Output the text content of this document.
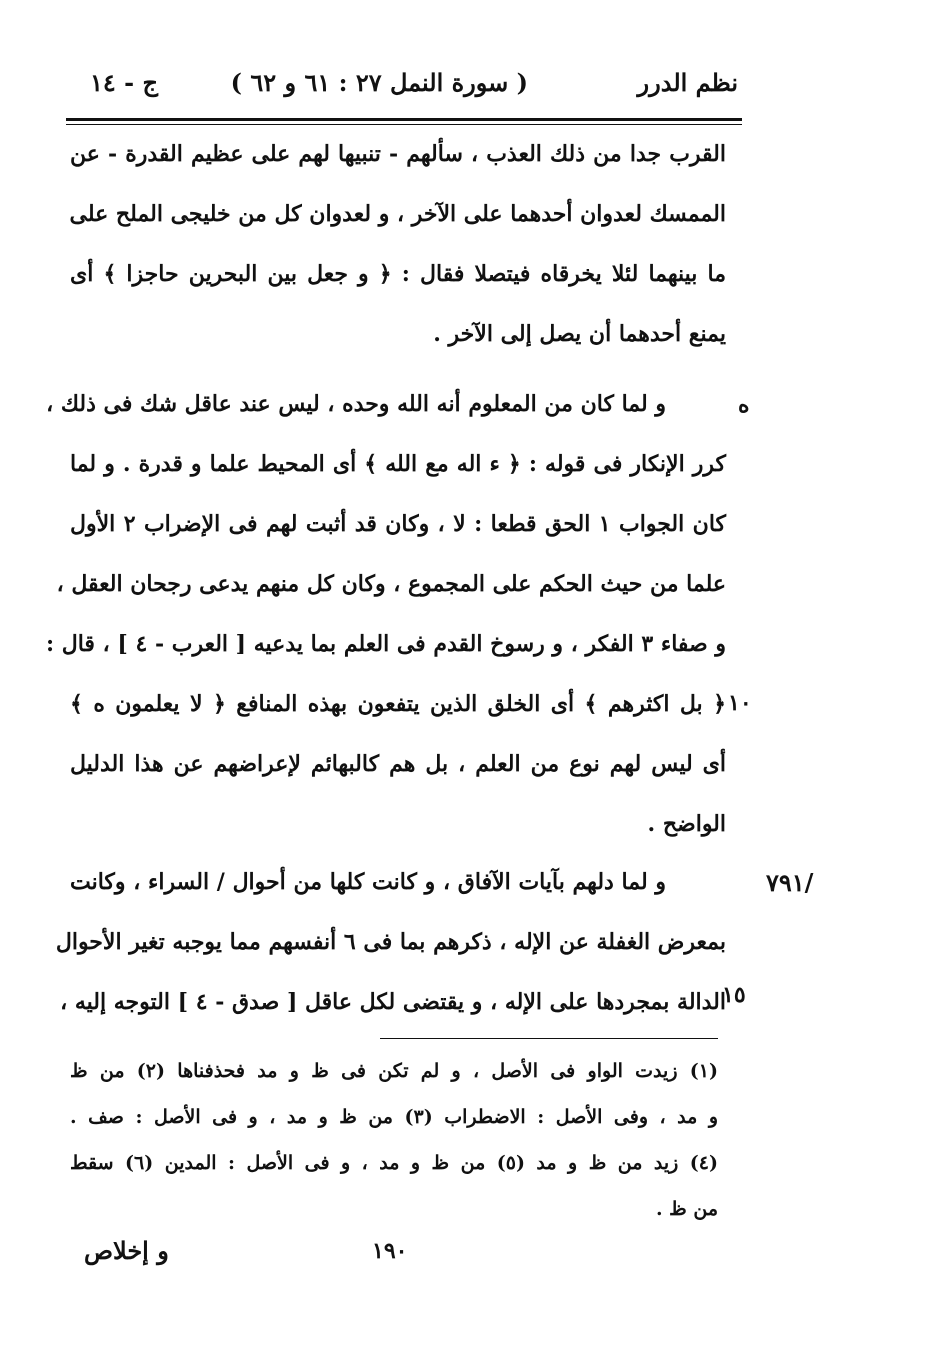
نظم الدرر
( سورة النمل ٢٧ : ٦١ و ٦٢ )
ج - ١٤
القرب جدا من ذلك العذب ، سألهم - تنبيها لهم على عظيم القدرة - عن
الممسك لعدوان أحدهما على الآخر ، و لعدوان كل من خليجى الملح على
ما بينهما لئلا يخرقاه فيتصلا فقال : ﴿ و جعل بين البحرين حاجزا ﴾ أى
يمنع أحدهما أن يصل إلى الآخر .
و لما كان من المعلوم أنه الله وحده ، ليس عند عاقل شك فى ذلك ،
كرر الإنكار فى قوله : ﴿ ء اله مع الله ﴾ أى المحيط علما و قدرة . و لما
كان الجواب ١ الحق قطعا : لا ، وكان قد أثبت لهم فى الإضراب ٢ الأول
علما من حيث الحكم على المجموع ، وكان كل منهم يدعى رجحان العقل ،
و صفاء ٣ الفكر ، و رسوخ القدم فى العلم بما يدعيه [ العرب - ٤ ] ، قال :
﴿ بل اكثرهم ﴾ أى الخلق الذين يتفعون بهذه المنافع ﴿ لا يعلمون ه ﴾
أى ليس لهم نوع من العلم ، بل هم كالبهائم لإعراضهم عن هذا الدليل
الواضح .
و لما دلهم بآيات الآفاق ، و كانت كلها من أحوال / السراء ، وكانت
بمعرض الغفلة عن الإله ، ذكرهم بما فى ٦ أنفسهم مما يوجبه تغير الأحوال
الدالة بمجردها على الإله ، و يقتضى لكل عاقل [ صدق - ٤ ] التوجه إليه ،
ه
١٠
١٥
/٧٩١
(١) زيدت الواو فى الأصل ، و لم تكن فى ظ و مد فحذفناها (٢) من ظ
و مد ، وفى الأصل : الاضطراب (٣) من ظ و مد ، و فى الأصل : صف .
(٤) زيد من ظ و مد (٥) من ظ و مد ، و فى الأصل : المدين (٦) سقط
من ظ .
١٩٠
و إخلاص
